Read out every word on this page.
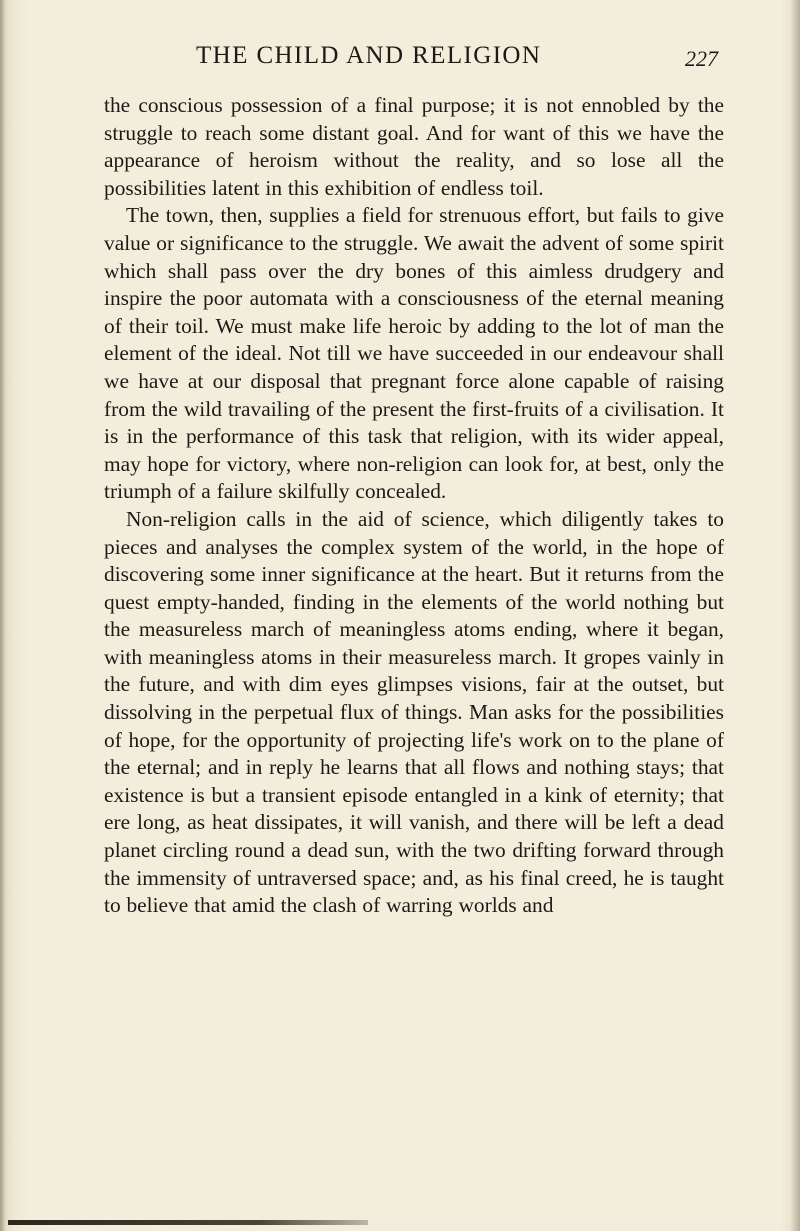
THE CHILD AND RELIGION	227

the conscious possession of a final purpose; it is not ennobled by the struggle to reach some distant goal. And for want of this we have the appearance of heroism without the reality, and so lose all the possibilities latent in this exhibition of endless toil.

The town, then, supplies a field for strenuous effort, but fails to give value or significance to the struggle. We await the advent of some spirit which shall pass over the dry bones of this aimless drudgery and inspire the poor automata with a consciousness of the eternal meaning of their toil. We must make life heroic by adding to the lot of man the element of the ideal. Not till we have succeeded in our endeavour shall we have at our disposal that pregnant force alone capable of raising from the wild travailing of the present the first-fruits of a civilisation. It is in the performance of this task that religion, with its wider appeal, may hope for victory, where non-religion can look for, at best, only the triumph of a failure skilfully concealed.

Non-religion calls in the aid of science, which diligently takes to pieces and analyses the complex system of the world, in the hope of discovering some inner significance at the heart. But it returns from the quest empty-handed, finding in the elements of the world nothing but the measureless march of meaningless atoms ending, where it began, with meaningless atoms in their measureless march. It gropes vainly in the future, and with dim eyes glimpses visions, fair at the outset, but dissolving in the perpetual flux of things. Man asks for the possibilities of hope, for the opportunity of projecting life's work on to the plane of the eternal; and in reply he learns that all flows and nothing stays; that existence is but a transient episode entangled in a kink of eternity; that ere long, as heat dissipates, it will vanish, and there will be left a dead planet circling round a dead sun, with the two drifting forward through the immensity of untraversed space; and, as his final creed, he is taught to believe that amid the clash of warring worlds and
